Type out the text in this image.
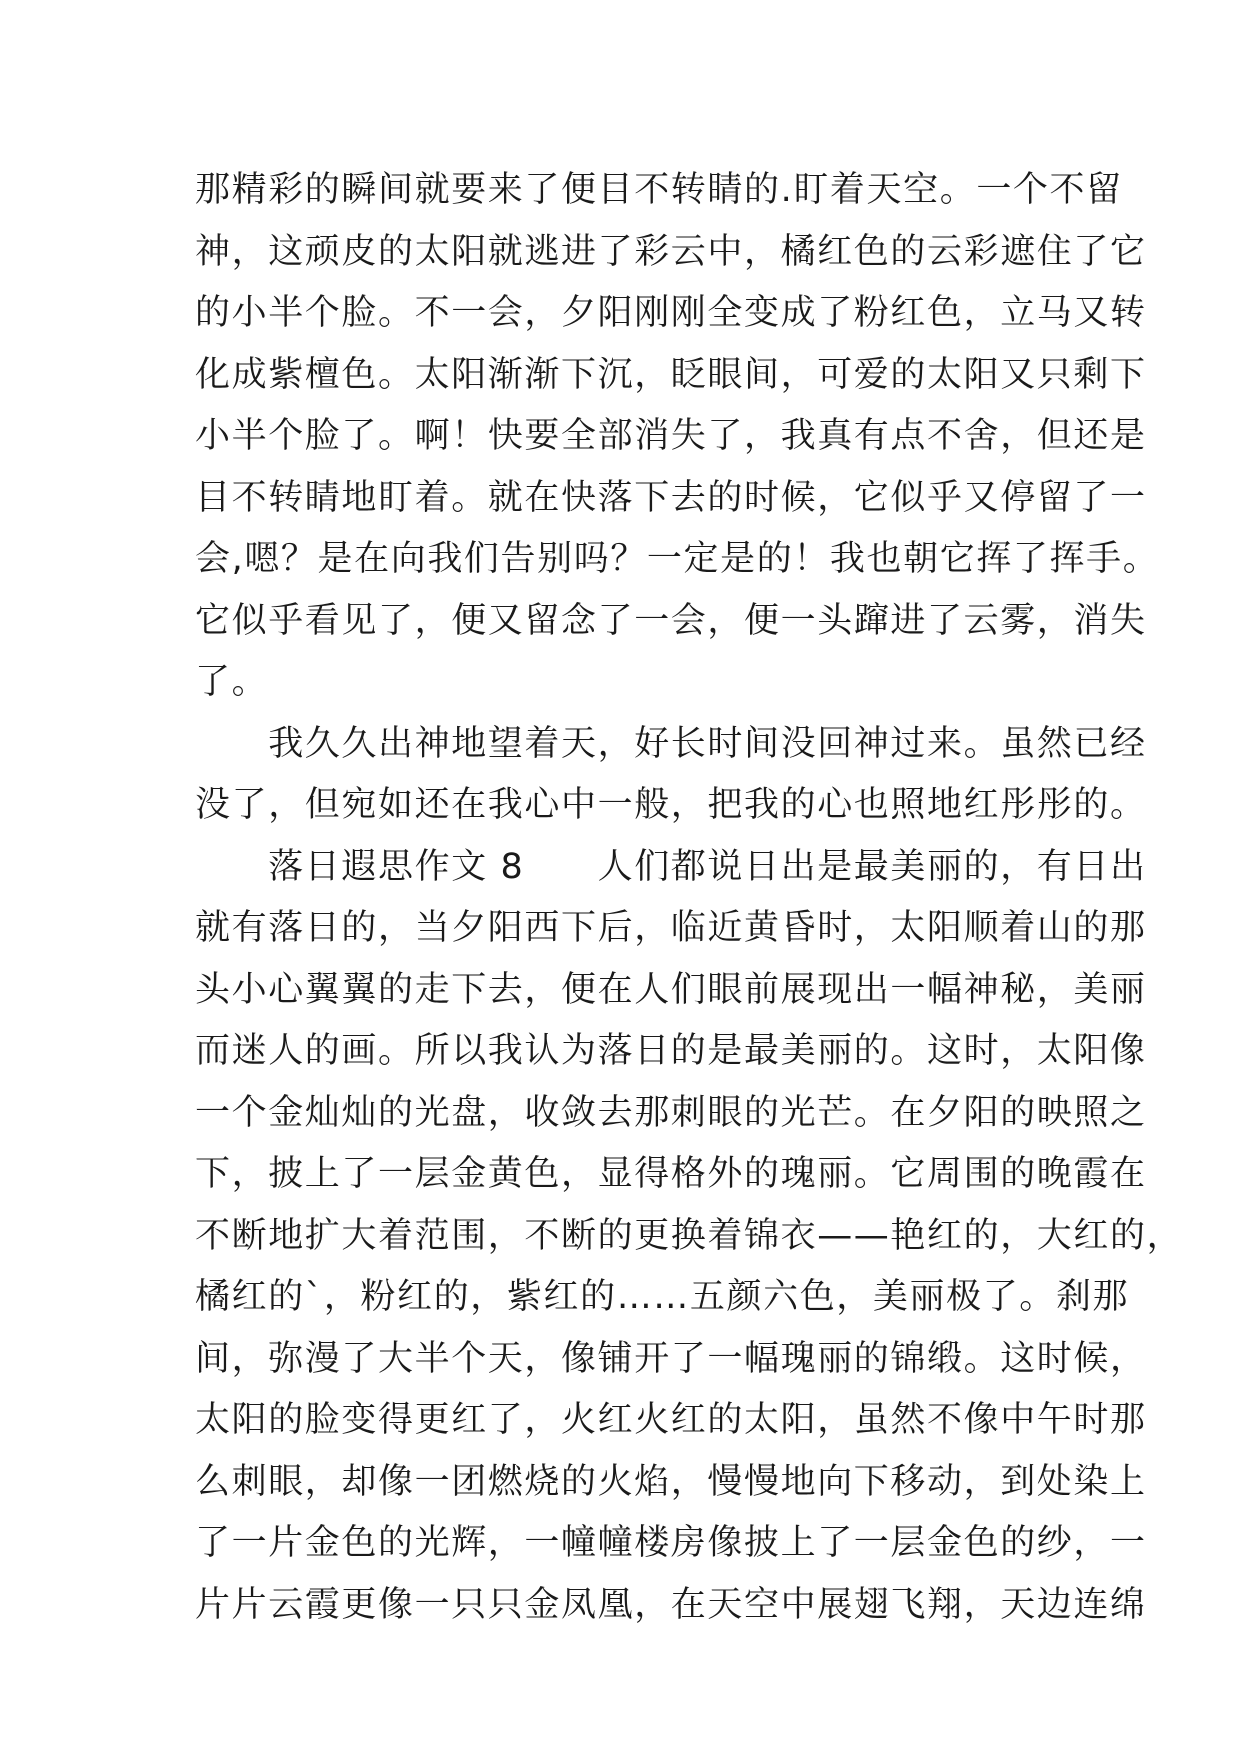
那精彩的瞬间就要来了便目不转睛的.盯着天空。一个不留
神，这顽皮的太阳就逃进了彩云中，橘红色的云彩遮住了它
的小半个脸。不一会，夕阳刚刚全变成了粉红色，立马又转
化成紫檀色。太阳渐渐下沉，眨眼间，可爱的太阳又只剩下
小半个脸了。啊！快要全部消失了，我真有点不舍，但还是
目不转睛地盯着。就在快落下去的时候，它似乎又停留了一
会,嗯？是在向我们告别吗？一定是的！我也朝它挥了挥手。
它似乎看见了，便又留念了一会，便一头蹿进了云雾，消失
了。
　　我久久出神地望着天，好长时间没回神过来。虽然已经
没了，但宛如还在我心中一般，把我的心也照地红彤彤的。
　　落日遐思作文 8　　人们都说日出是最美丽的，有日出
就有落日的，当夕阳西下后，临近黄昏时，太阳顺着山的那
头小心翼翼的走下去，便在人们眼前展现出一幅神秘，美丽
而迷人的画。所以我认为落日的是最美丽的。这时，太阳像
一个金灿灿的光盘，收敛去那刺眼的光芒。在夕阳的映照之
下，披上了一层金黄色，显得格外的瑰丽。它周围的晚霞在
不断地扩大着范围，不断的更换着锦衣——艳红的，大红的，
橘红的`，粉红的，紫红的……五颜六色，美丽极了。刹那
间，弥漫了大半个天，像铺开了一幅瑰丽的锦缎。这时候，
太阳的脸变得更红了，火红火红的太阳，虽然不像中午时那
么刺眼，却像一团燃烧的火焰，慢慢地向下移动，到处染上
了一片金色的光辉，一幢幢楼房像披上了一层金色的纱，一
片片云霞更像一只只金凤凰，在天空中展翅飞翔，天边连绵
